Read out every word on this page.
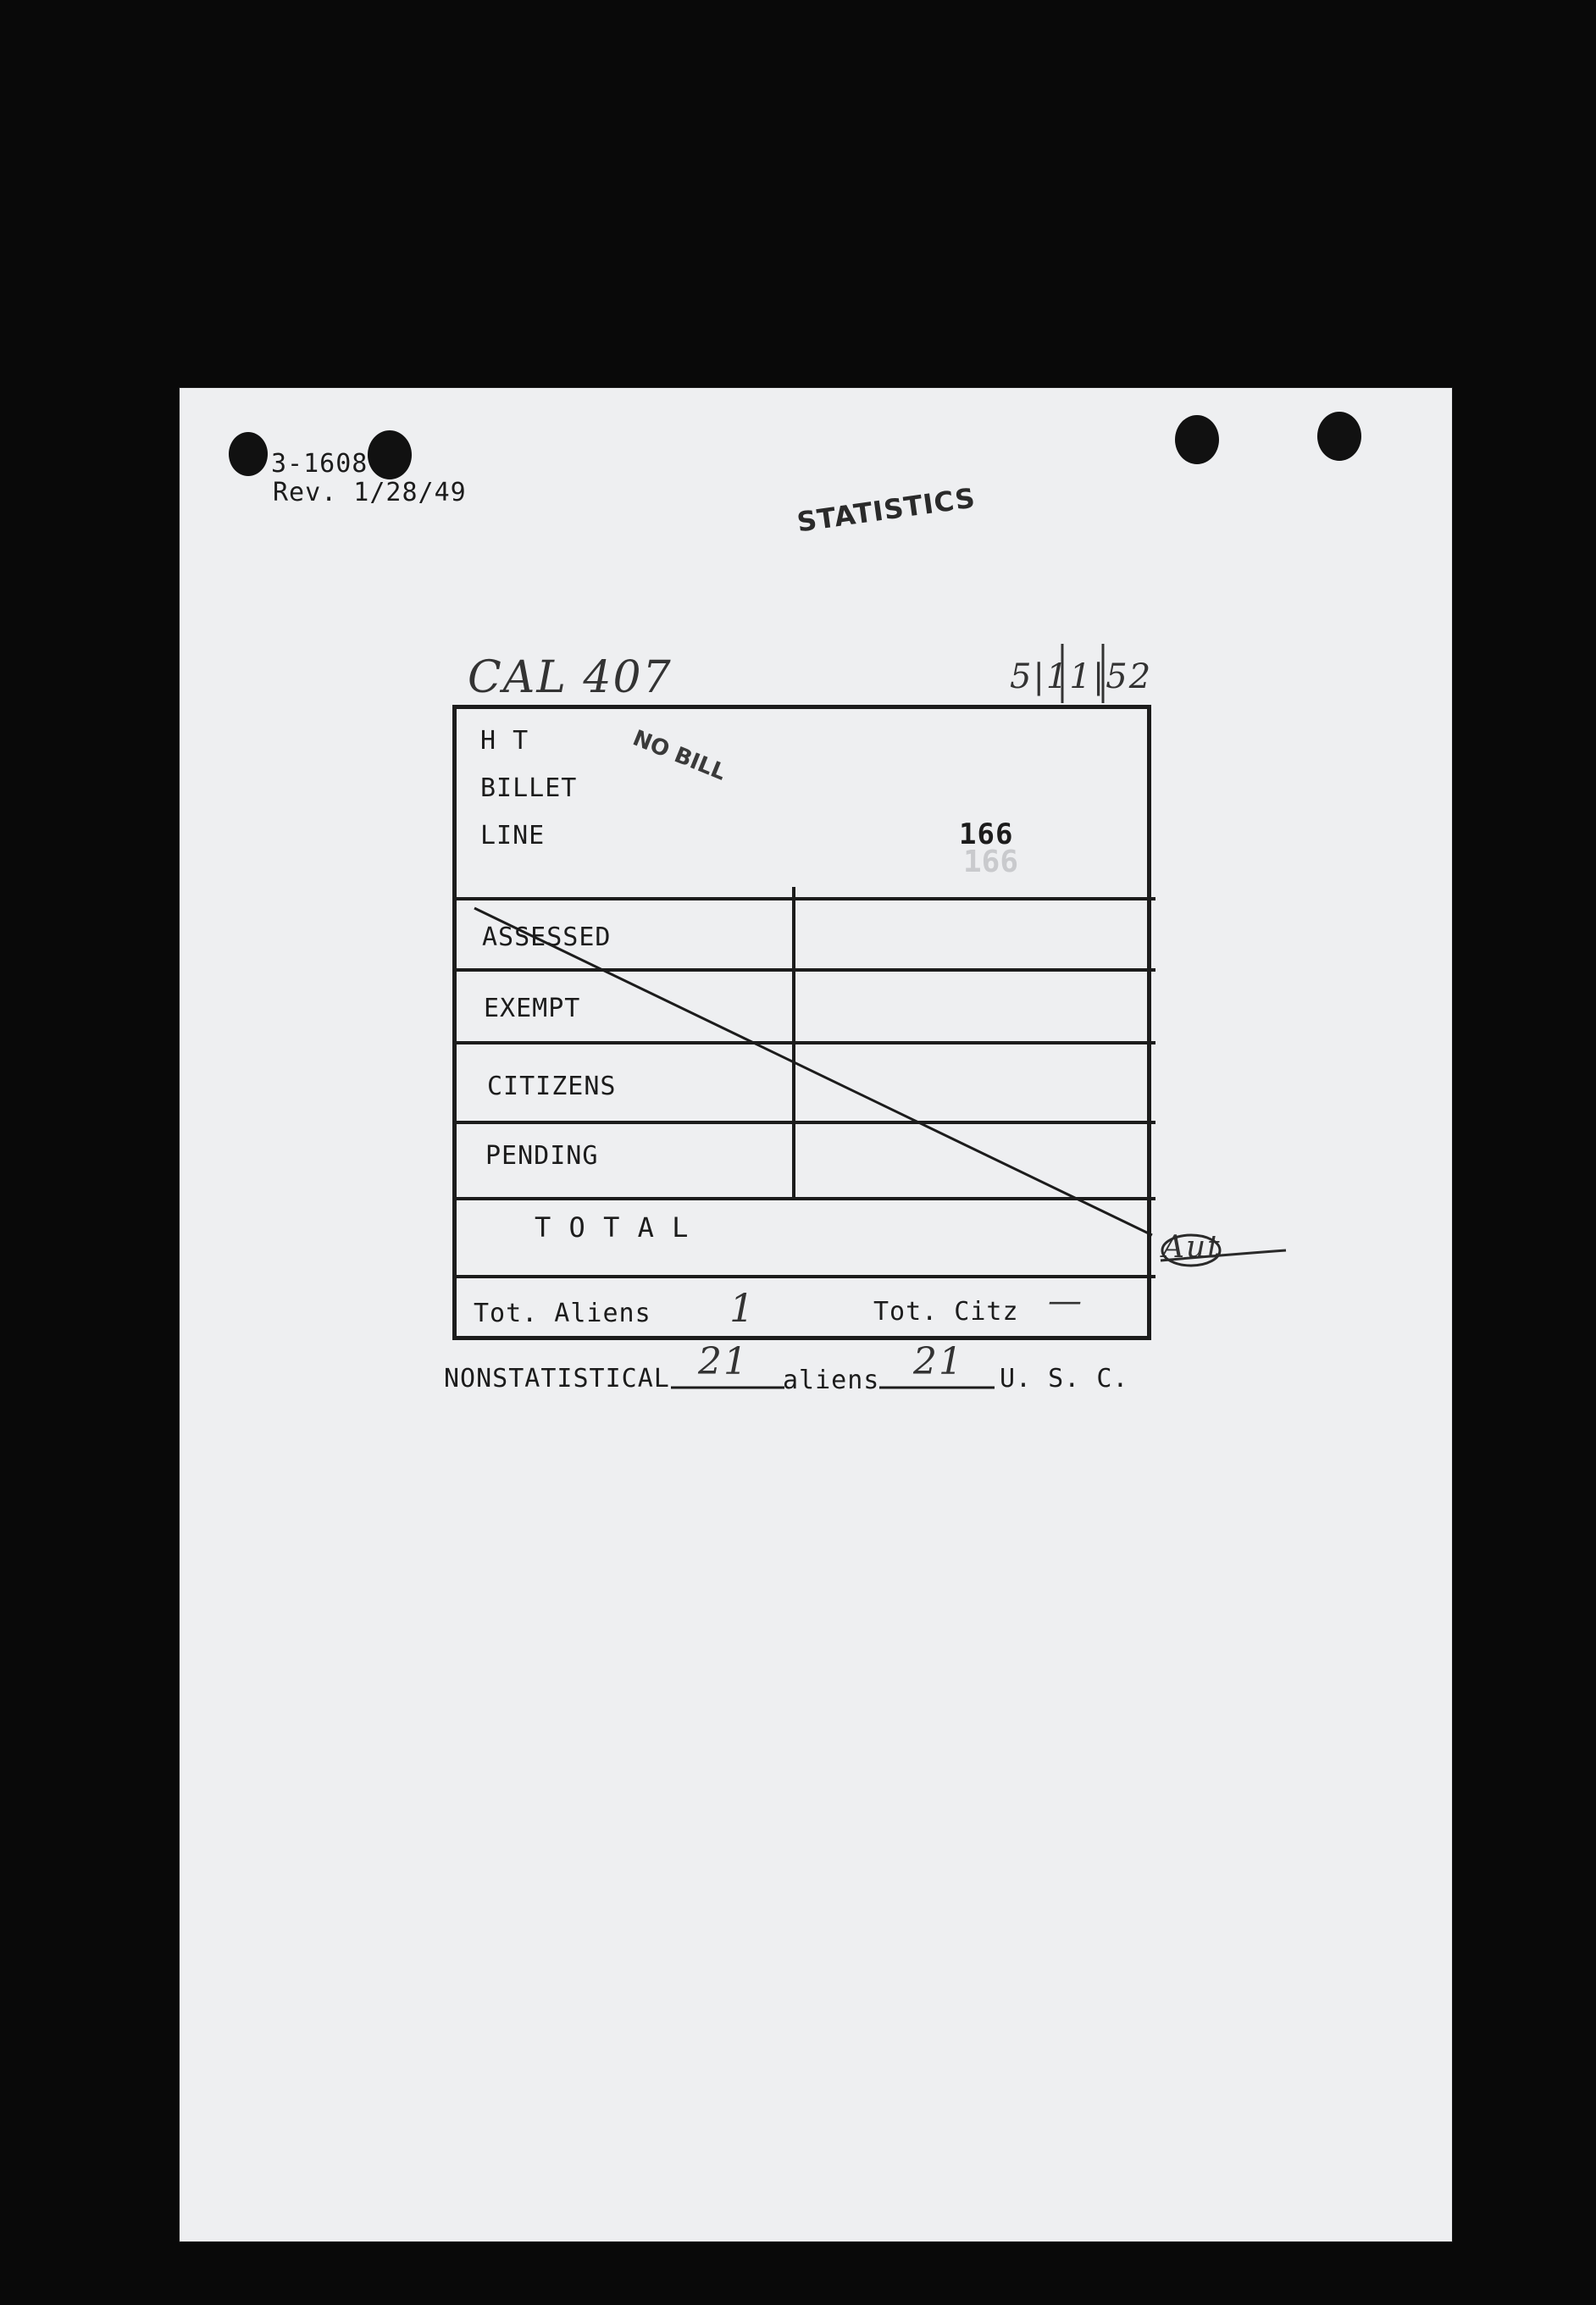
3-1608
Rev. 1/28/49	STATISTICS
CAL 407	5|11|52
H T
BILLET
LINE	166
166
NO BILL
ASSESSED
EXEMPT
CITIZENS
PENDING
T O T A L
Tot. Aliens 1	Tot. Citz —
Aut
NONSTATISTICAL 21 aliens 21 U. S. C.
